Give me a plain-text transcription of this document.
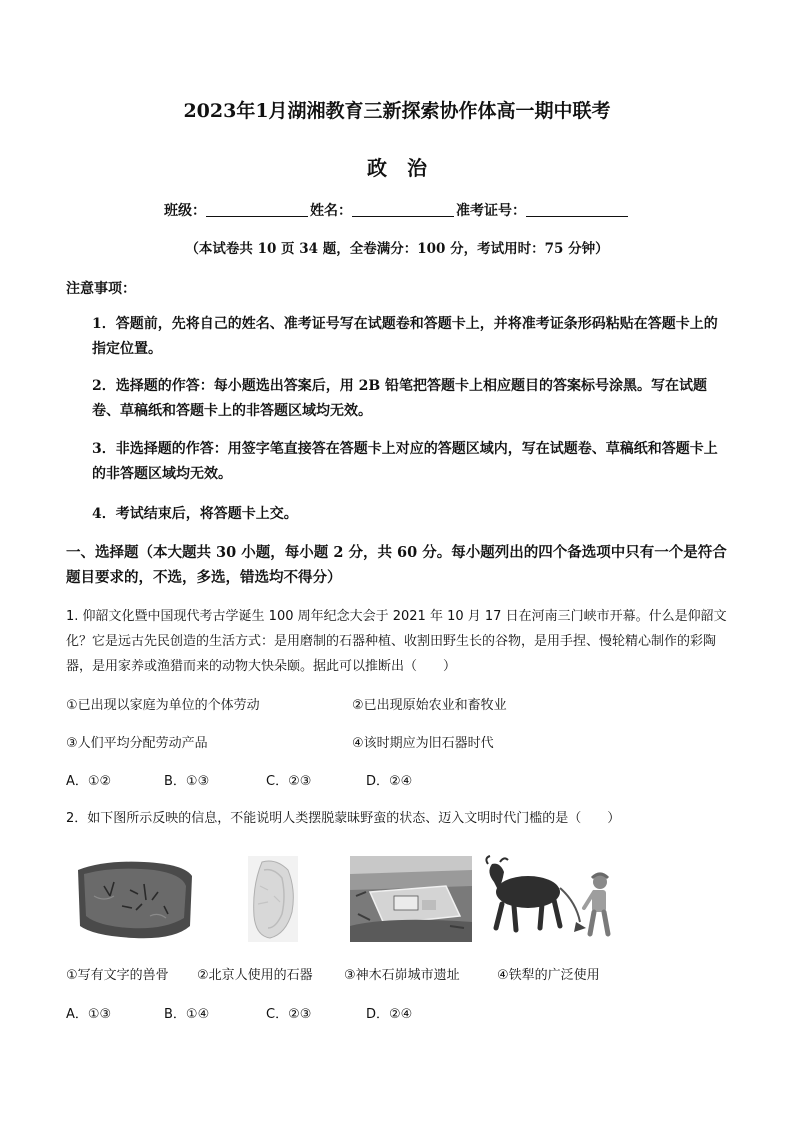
2023年1月湖湘教育三新探索协作体高一期中联考
政治
班级：	姓名：	准考证号：
（本试卷共 10 页 34 题，全卷满分：100 分，考试用时：75 分钟）
注意事项：
1．答题前，先将自己的姓名、准考证号写在试题卷和答题卡上，并将准考证条形码粘贴在答题卡上的指定位置。
2．选择题的作答：每小题选出答案后，用 2B 铅笔把答题卡上相应题目的答案标号涂黑。写在试题卷、草稿纸和答题卡上的非答题区域均无效。
3．非选择题的作答：用签字笔直接答在答题卡上对应的答题区域内，写在试题卷、草稿纸和答题卡上的非答题区域均无效。
4．考试结束后，将答题卡上交。
一、选择题（本大题共 30 小题，每小题 2 分，共 60 分。每小题列出的四个备选项中只有一个是符合题目要求的，不选，多选，错选均不得分）
1. 仰韶文化暨中国现代考古学诞生 100 周年纪念大会于 2021 年 10 月 17 日在河南三门峡市开幕。什么是仰韶文化？它是远古先民创造的生活方式：是用磨制的石器种植、收割田野生长的谷物，是用手捏、慢轮精心制作的彩陶器，是用家养或渔猎而来的动物大快朵颐。据此可以推断出（　　）
①已出现以家庭为单位的个体劳动	②已出现原始农业和畜牧业
③人们平均分配劳动产品	④该时期应为旧石器时代
A．①②	B．①③	C．②③	D．②④
2．如下图所示反映的信息，不能说明人类摆脱蒙昧野蛮的状态、迈入文明时代门槛的是（　　）
①写有文字的兽骨 ②北京人使用的石器 ③神木石峁城市遗址	④铁犁的广泛使用
A．①③	B．①④	C．②③	D．②④
